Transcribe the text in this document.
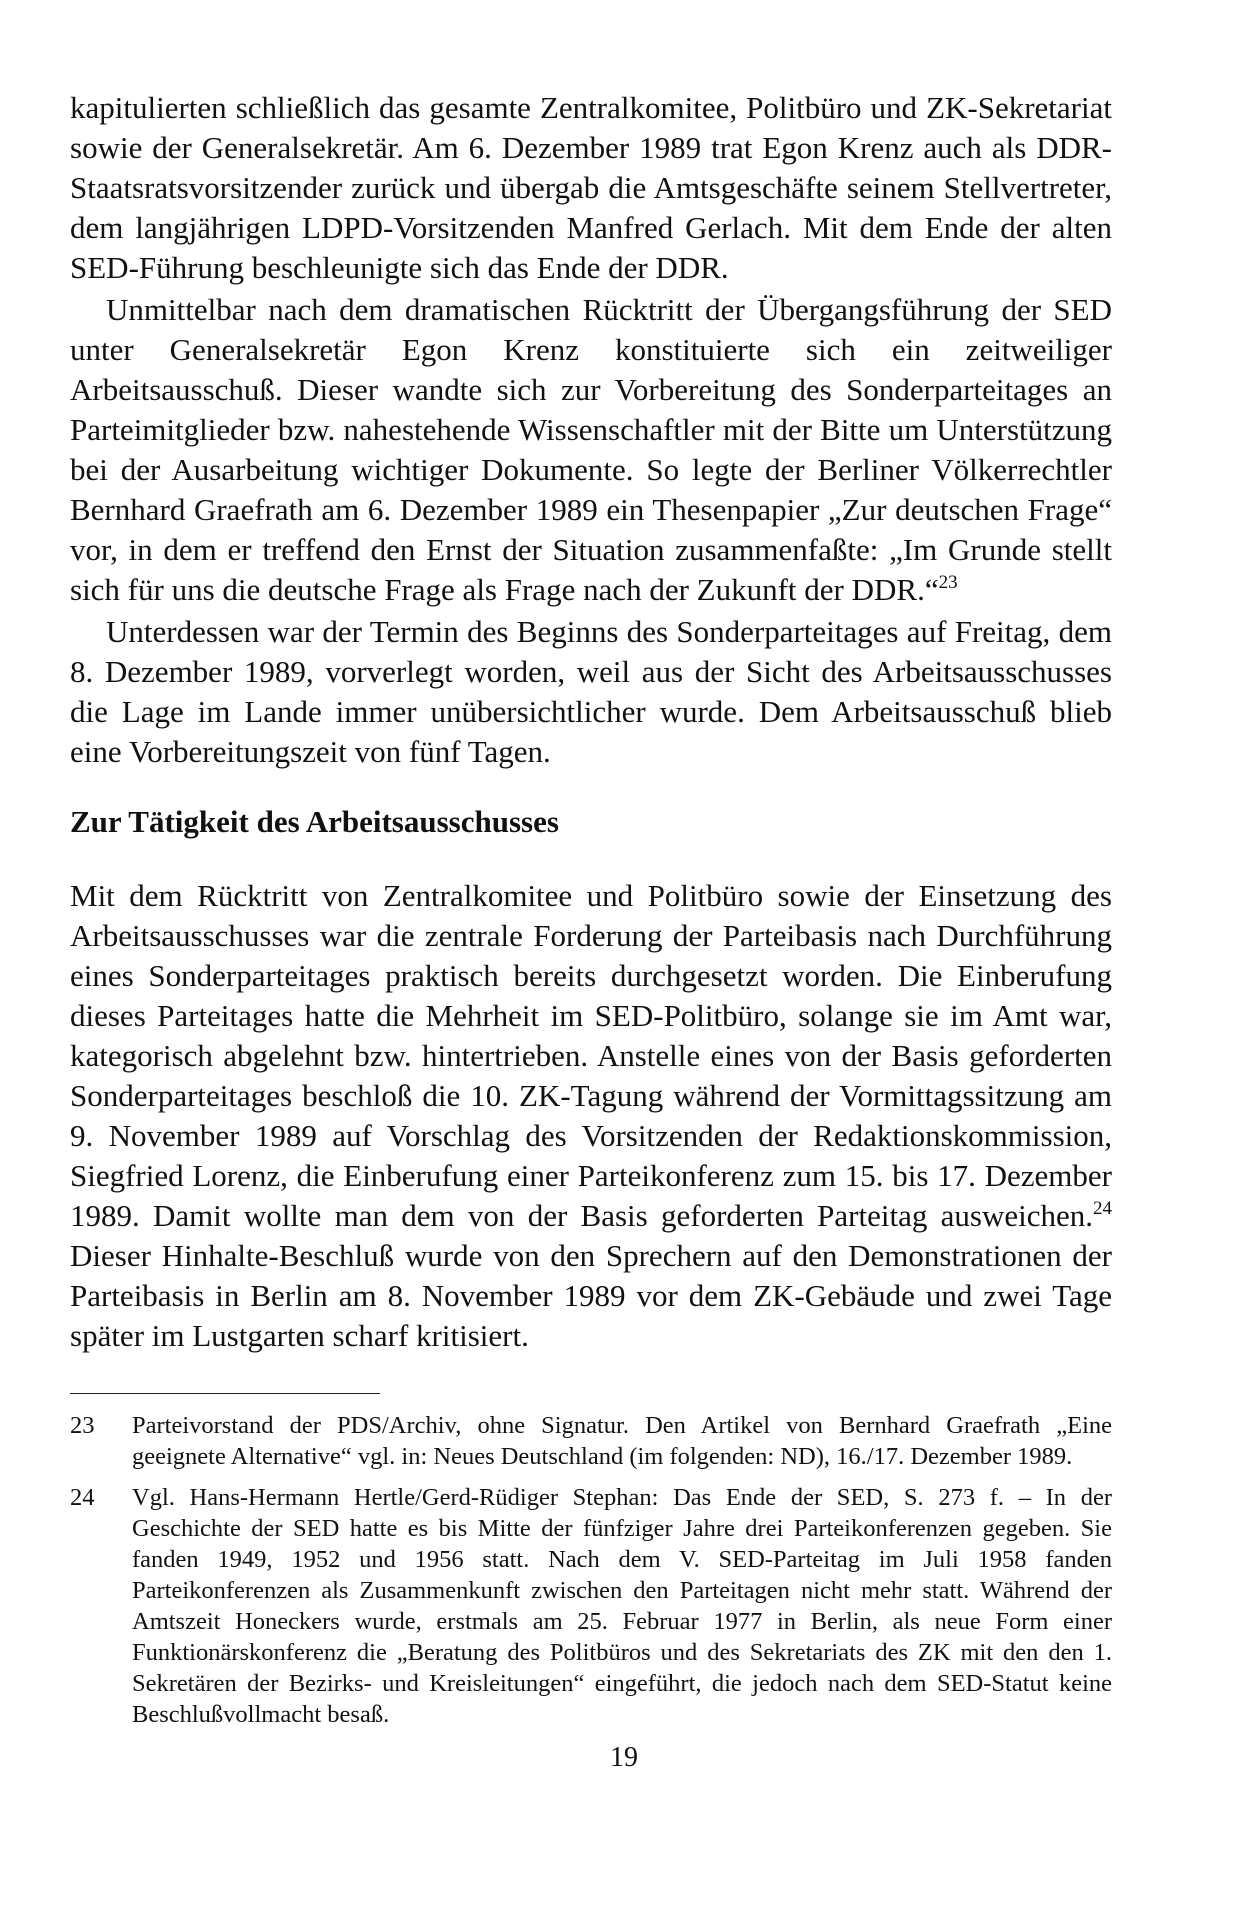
kapitulierten schließlich das gesamte Zentralkomitee, Politbüro und ZK-Sekretariat sowie der Generalsekretär. Am 6. Dezember 1989 trat Egon Krenz auch als DDR-Staatsratsvorsitzender zurück und übergab die Amtsgeschäfte seinem Stellvertreter, dem langjährigen LDPD-Vorsitzenden Manfred Gerlach. Mit dem Ende der alten SED-Führung beschleunigte sich das Ende der DDR.

Unmittelbar nach dem dramatischen Rücktritt der Übergangsführung der SED unter Generalsekretär Egon Krenz konstituierte sich ein zeitweiliger Arbeitsausschuß. Dieser wandte sich zur Vorbereitung des Sonderparteitages an Parteimitglieder bzw. nahestehende Wissenschaftler mit der Bitte um Unterstützung bei der Ausarbeitung wichtiger Dokumente. So legte der Berliner Völkerrechtler Bernhard Graefrath am 6. Dezember 1989 ein Thesenpapier „Zur deutschen Frage“ vor, in dem er treffend den Ernst der Situation zusammenfaßte: „Im Grunde stellt sich für uns die deutsche Frage als Frage nach der Zukunft der DDR.“$^{23}$

Unterdessen war der Termin des Beginns des Sonderparteitages auf Freitag, dem 8. Dezember 1989, vorverlegt worden, weil aus der Sicht des Arbeitsausschusses die Lage im Lande immer unübersichtlicher wurde. Dem Arbeitsausschuß blieb eine Vorbereitungszeit von fünf Tagen.

Zur Tätigkeit des Arbeitsausschusses

Mit dem Rücktritt von Zentralkomitee und Politbüro sowie der Einsetzung des Arbeitsausschusses war die zentrale Forderung der Parteibasis nach Durchführung eines Sonderparteitages praktisch bereits durchgesetzt worden. Die Einberufung dieses Parteitages hatte die Mehrheit im SED-Politbüro, solange sie im Amt war, kategorisch abgelehnt bzw. hintertrieben. Anstelle eines von der Basis geforderten Sonderparteitages beschloß die 10. ZK-Tagung während der Vormittagssitzung am 9. November 1989 auf Vorschlag des Vorsitzenden der Redaktionskommission, Siegfried Lorenz, die Einberufung einer Parteikonferenz zum 15. bis 17. Dezember 1989. Damit wollte man dem von der Basis geforderten Parteitag ausweichen.$^{24}$ Dieser Hinhalte-Beschluß wurde von den Sprechern auf den Demonstrationen der Parteibasis in Berlin am 8. November 1989 vor dem ZK-Gebäude und zwei Tage später im Lustgarten scharf kritisiert.

23	Parteivorstand der PDS/Archiv, ohne Signatur. Den Artikel von Bernhard Graefrath „Eine geeignete Alternative“ vgl. in: Neues Deutschland (im folgenden: ND), 16./17. Dezember 1989.
24	Vgl. Hans-Hermann Hertle/Gerd-Rüdiger Stephan: Das Ende der SED, S. 273 f. – In der Geschichte der SED hatte es bis Mitte der fünfziger Jahre drei Parteikonferenzen gegeben. Sie fanden 1949, 1952 und 1956 statt. Nach dem V. SED-Parteitag im Juli 1958 fanden Parteikonferenzen als Zusammenkunft zwischen den Parteitagen nicht mehr statt. Während der Amtszeit Honeckers wurde, erstmals am 25. Februar 1977 in Berlin, als neue Form einer Funktionärskonferenz die „Beratung des Politbüros und des Sekretariats des ZK mit den den 1. Sekretären der Bezirks- und Kreisleitungen“ eingeführt, die jedoch nach dem SED-Statut keine Beschlußvollmacht besaß.
19
